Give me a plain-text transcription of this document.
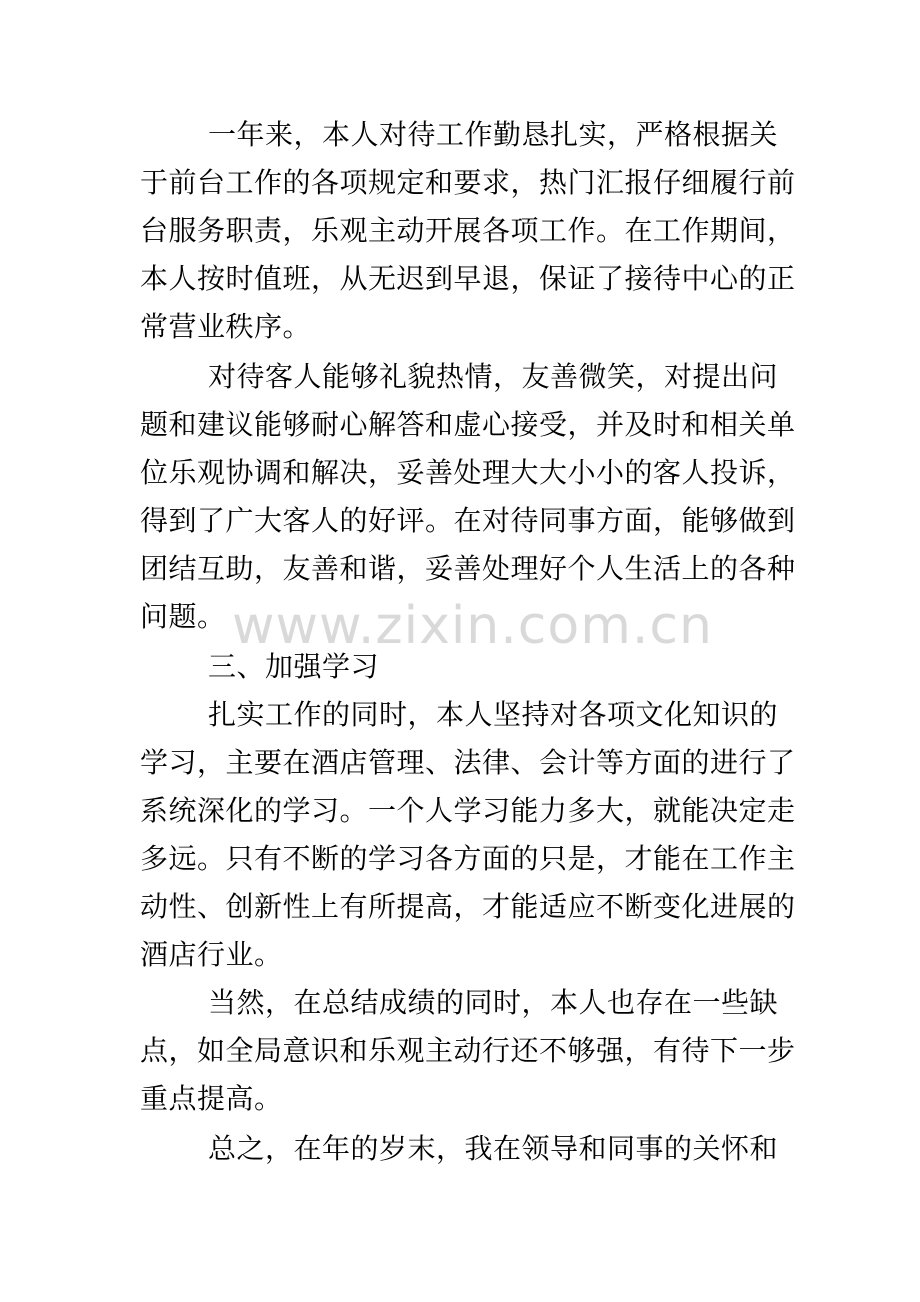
一年来，本人对待工作勤恳扎实，严格根据关
于前台工作的各项规定和要求，热门汇报仔细履行前
台服务职责，乐观主动开展各项工作。在工作期间，
本人按时值班，从无迟到早退，保证了接待中心的正
常营业秩序。
对待客人能够礼貌热情，友善微笑，对提出问
题和建议能够耐心解答和虚心接受，并及时和相关单
位乐观协调和解决，妥善处理大大小小的客人投诉，
得到了广大客人的好评。在对待同事方面，能够做到
团结互助，友善和谐，妥善处理好个人生活上的各种
问题。
三、加强学习
扎实工作的同时，本人坚持对各项文化知识的
学习，主要在酒店管理、法律、会计等方面的进行了
系统深化的学习。一个人学习能力多大，就能决定走
多远。只有不断的学习各方面的只是，才能在工作主
动性、创新性上有所提高，才能适应不断变化进展的
酒店行业。
当然，在总结成绩的同时，本人也存在一些缺
点，如全局意识和乐观主动行还不够强，有待下一步
重点提高。
总之，在年的岁末，我在领导和同事的关怀和
www.zixin.com.cn
